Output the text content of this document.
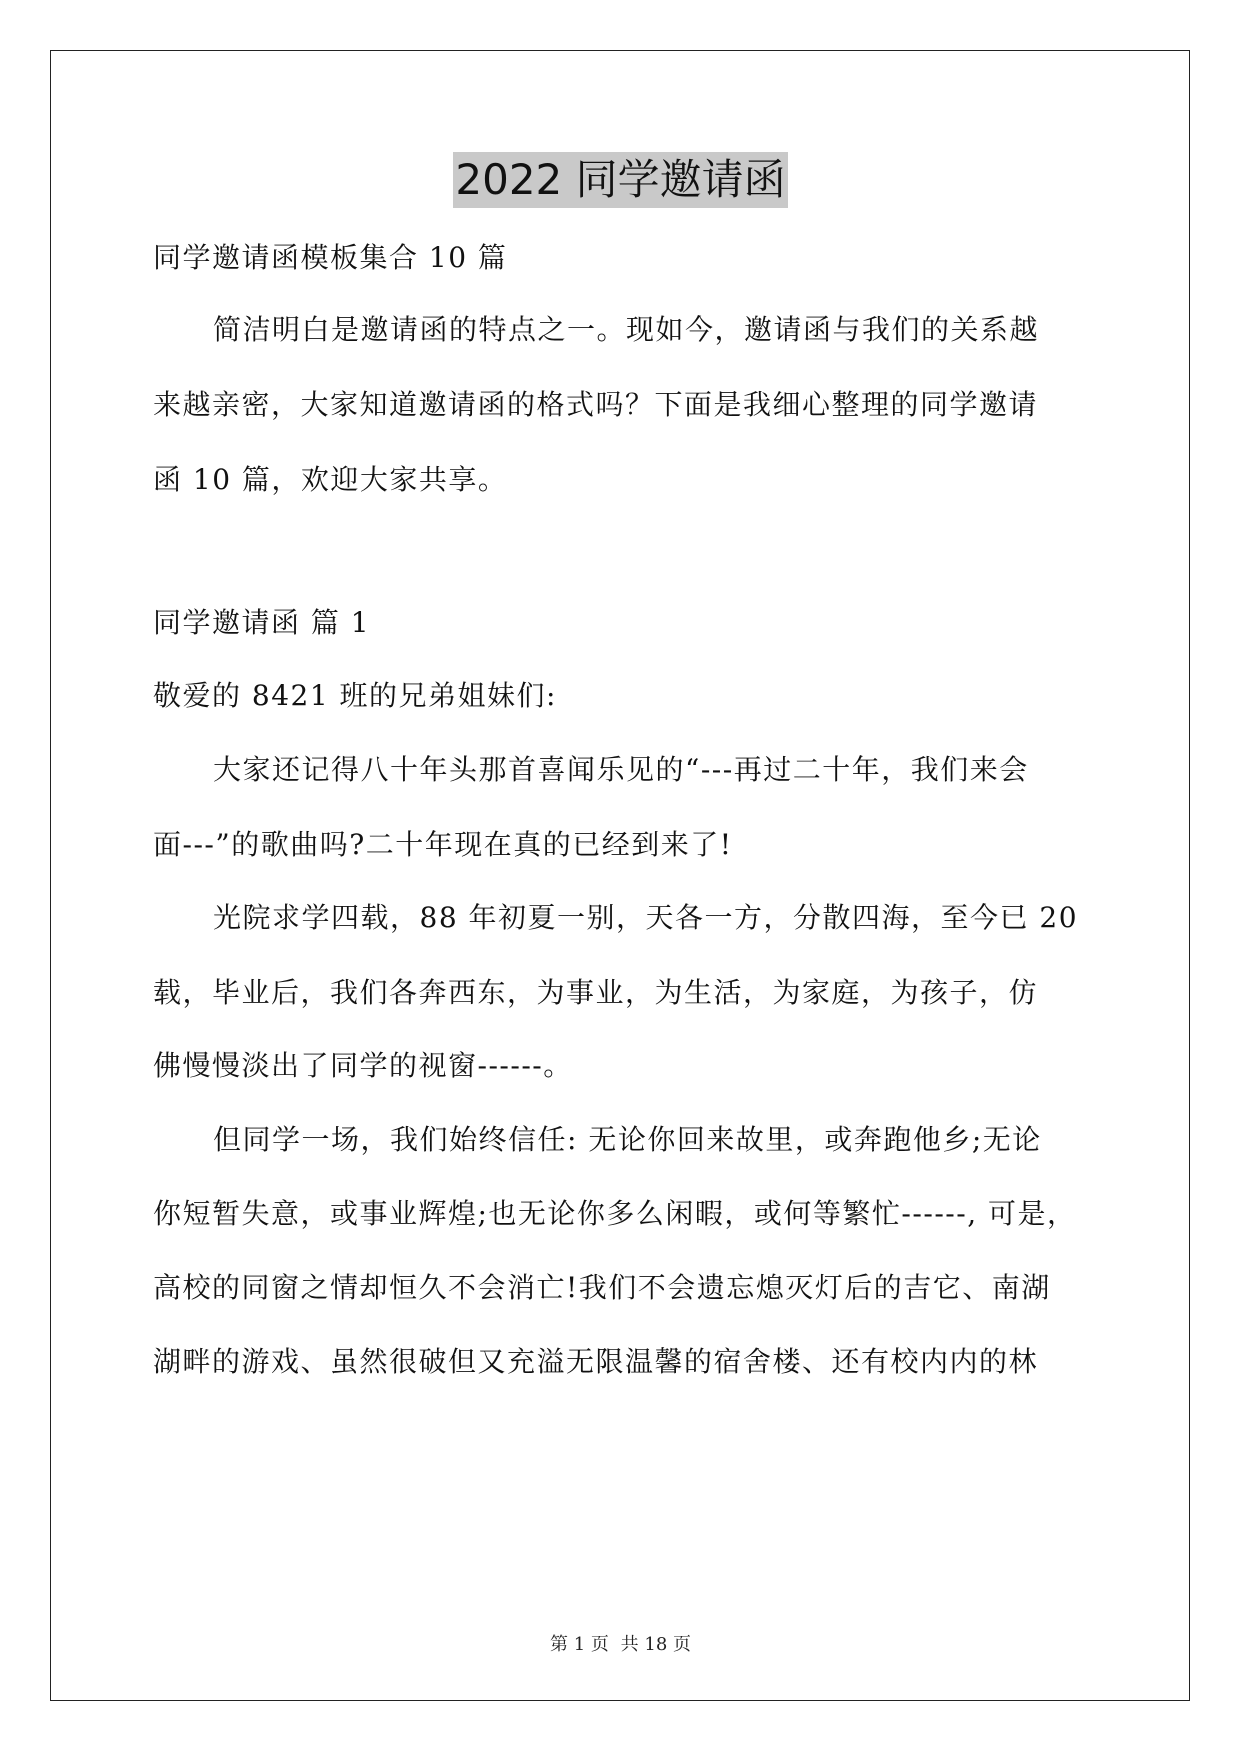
2022 同学邀请函

同学邀请函模板集合 10 篇

简洁明白是邀请函的特点之一。现如今，邀请函与我们的关系越

来越亲密，大家知道邀请函的格式吗？下面是我细心整理的同学邀请

函 10 篇，欢迎大家共享。

同学邀请函 篇 1

敬爱的 8421 班的兄弟姐妹们:

大家还记得八十年头那首喜闻乐见的“---再过二十年，我们来会

面---”的歌曲吗?二十年现在真的已经到来了!

光院求学四载，88 年初夏一别，天各一方，分散四海，至今已 20

载，毕业后，我们各奔西东，为事业，为生活，为家庭，为孩子，仿

佛慢慢淡出了同学的视窗------。

但同学一场，我们始终信任: 无论你回来故里，或奔跑他乡;无论

你短暂失意，或事业辉煌;也无论你多么闲暇，或何等繁忙------, 可是，

高校的同窗之情却恒久不会消亡!我们不会遗忘熄灭灯后的吉它、南湖

湖畔的游戏、虽然很破但又充溢无限温馨的宿舍楼、还有校内内的林

第 1 页 共 18 页
